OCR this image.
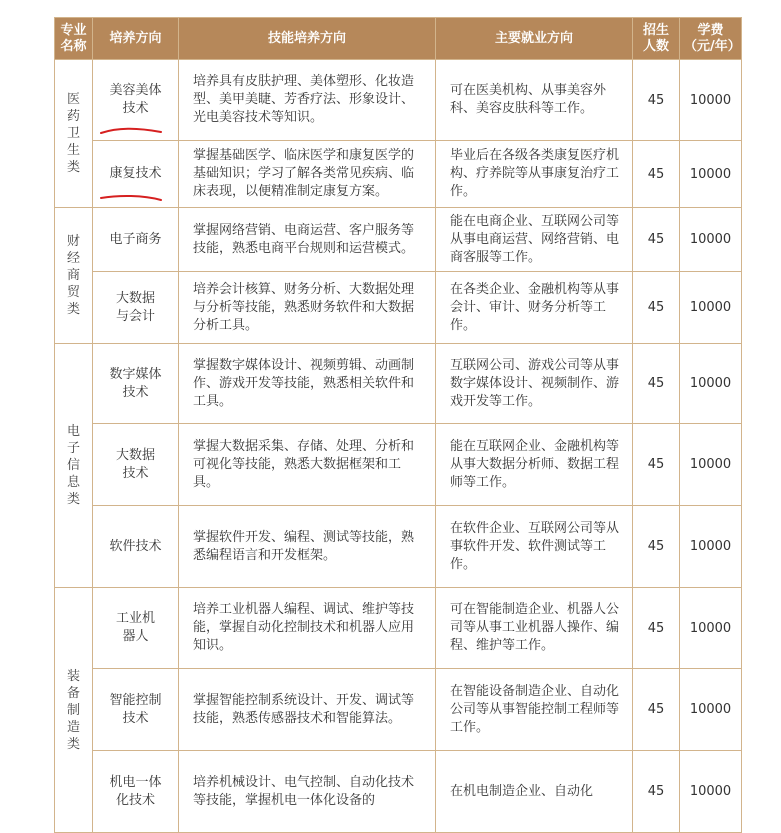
专业名称	培养方向	技能培养方向	主要就业方向	招生人数	学费（元/年）
医药卫生类	美容美体技术	培养具有皮肤护理、美体塑形、化妆造型、美甲美睫、芳香疗法、形象设计、光电美容技术等知识。	可在医美机构、从事美容外科、美容皮肤科等工作。	45	10000
	康复技术	掌握基础医学、临床医学和康复医学的基础知识；学习了解各类常见疾病、临床表现，以便精准制定康复方案。	毕业后在各级各类康复医疗机构、疗养院等从事康复治疗工作。	45	10000
财经商贸类	电子商务	掌握网络营销、电商运营、客户服务等技能，熟悉电商平台规则和运营模式。	能在电商企业、互联网公司等从事电商运营、网络营销、电商客服等工作。	45	10000
	大数据与会计	培养会计核算、财务分析、大数据处理与分析等技能，熟悉财务软件和大数据分析工具。	在各类企业、金融机构等从事会计、审计、财务分析等工作。	45	10000
电子信息类	数字媒体技术	掌握数字媒体设计、视频剪辑、动画制作、游戏开发等技能，熟悉相关软件和工具。	互联网公司、游戏公司等从事数字媒体设计、视频制作、游戏开发等工作。	45	10000
	大数据技术	掌握大数据采集、存储、处理、分析和可视化等技能，熟悉大数据框架和工具。	能在互联网企业、金融机构等从事大数据分析师、数据工程师等工作。	45	10000
	软件技术	掌握软件开发、编程、测试等技能，熟悉编程语言和开发框架。	在软件企业、互联网公司等从事软件开发、软件测试等工作。	45	10000
装备制造类	工业机器人	培养工业机器人编程、调试、维护等技能，掌握自动化控制技术和机器人应用知识。	可在智能制造企业、机器人公司等从事工业机器人操作、编程、维护等工作。	45	10000
	智能控制技术	掌握智能控制系统设计、开发、调试等技能，熟悉传感器技术和智能算法。	在智能设备制造企业、自动化公司等从事智能控制工程师等工作。	45	10000
	机电一体化技术	培养机械设计、电气控制、自动化技术等技能，掌握机电一体化设备的	在机电制造企业、自动化	45	10000
